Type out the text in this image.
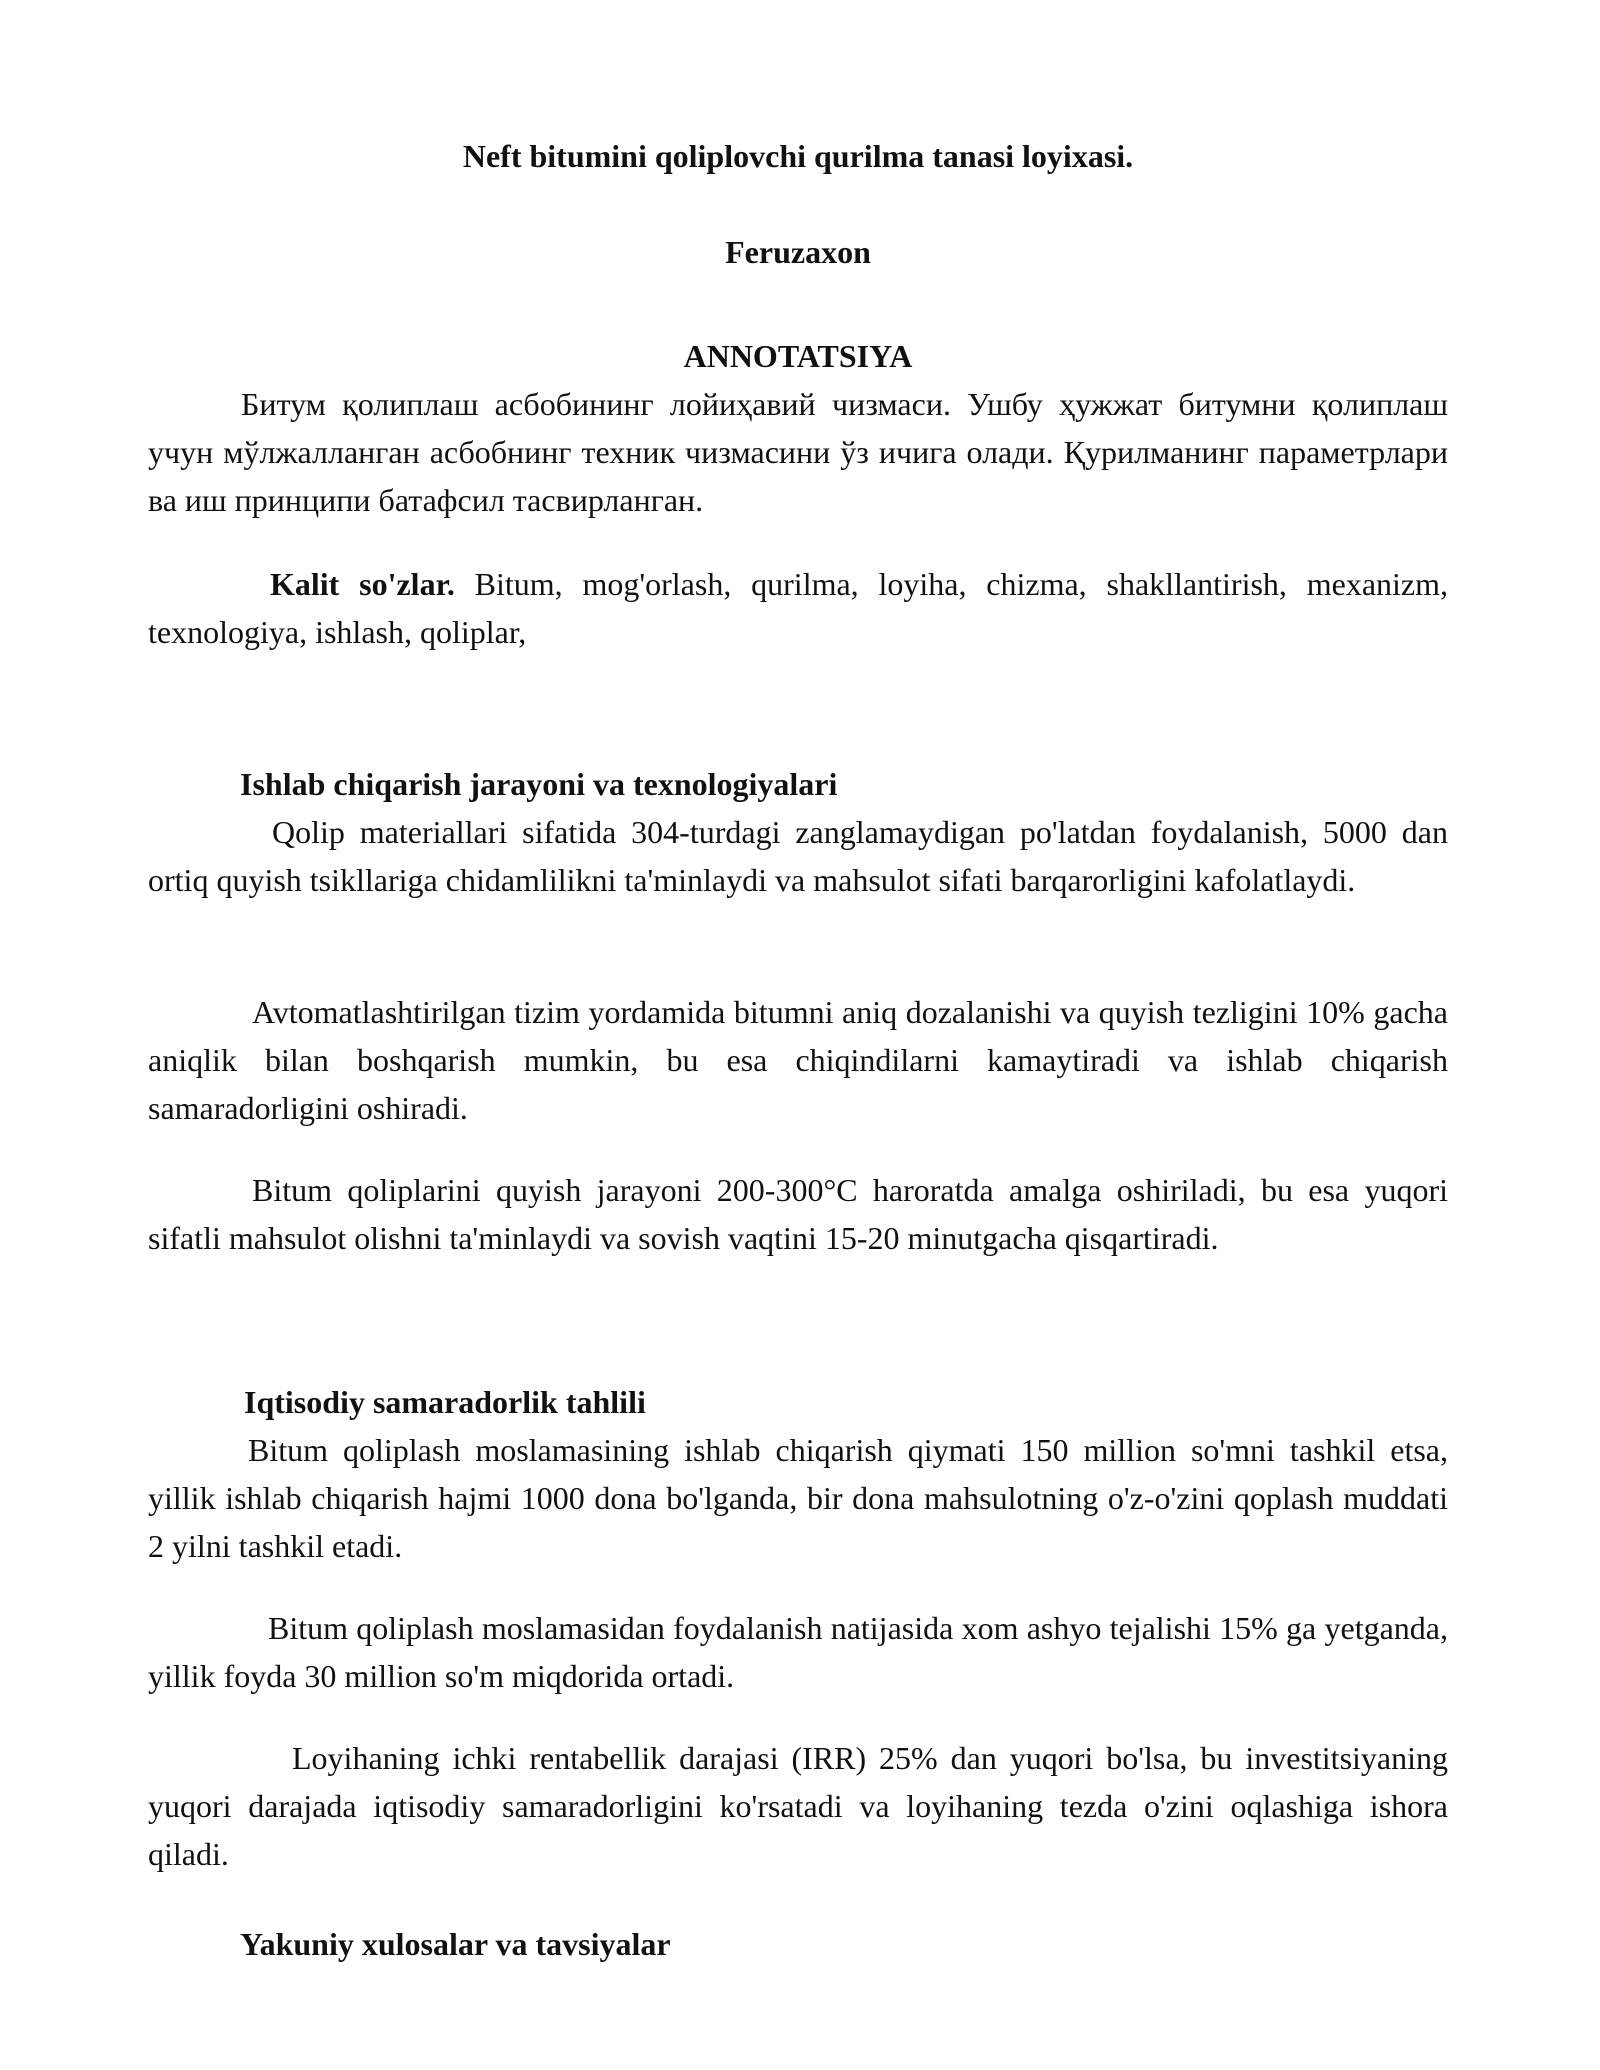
Neft bitumini qoliplovchi qurilma tanasi loyixasi.
Feruzaxon
ANNOTATSIYA
Битум қолиплаш асбобининг лойиҳавий чизмаси. Ушбу ҳужжат битумни қолиплаш учун мўлжалланган асбобнинг техник чизмасини ўз ичига олади. Қурилманинг параметрлари ва иш принципи батафсил тасвирланган.
Kalit so'zlar. Bitum, mog'orlash, qurilma, loyiha, chizma, shakllantirish, mexanizm, texnologiya, ishlash, qoliplar,
Ishlab chiqarish jarayoni va texnologiyalari
Qolip materiallari sifatida 304-turdagi zanglamaydigan po'latdan foydalanish, 5000 dan ortiq quyish tsikllariga chidamlilikni ta'minlaydi va mahsulot sifati barqarorligini kafolatlaydi.
Avtomatlashtirilgan tizim yordamida bitumni aniq dozalanishi va quyish tezligini 10% gacha aniqlik bilan boshqarish mumkin, bu esa chiqindilarni kamaytiradi va ishlab chiqarish samaradorligini oshiradi.
Bitum qoliplarini quyish jarayoni 200-300°C haroratda amalga oshiriladi, bu esa yuqori sifatli mahsulot olishni ta'minlaydi va sovish vaqtini 15-20 minutgacha qisqartiradi.
Iqtisodiy samaradorlik tahlili
Bitum qoliplash moslamasining ishlab chiqarish qiymati 150 million so'mni tashkil etsa, yillik ishlab chiqarish hajmi 1000 dona bo'lganda, bir dona mahsulotning o'z-o'zini qoplash muddati 2 yilni tashkil etadi.
Bitum qoliplash moslamasidan foydalanish natijasida xom ashyo tejalishi 15% ga yetganda, yillik foyda 30 million so'm miqdorida ortadi.
Loyihaning ichki rentabellik darajasi (IRR) 25% dan yuqori bo'lsa, bu investitsiyaning yuqori darajada iqtisodiy samaradorligini ko'rsatadi va loyihaning tezda o'zini oqlashiga ishora qiladi.
Yakuniy xulosalar va tavsiyalar
